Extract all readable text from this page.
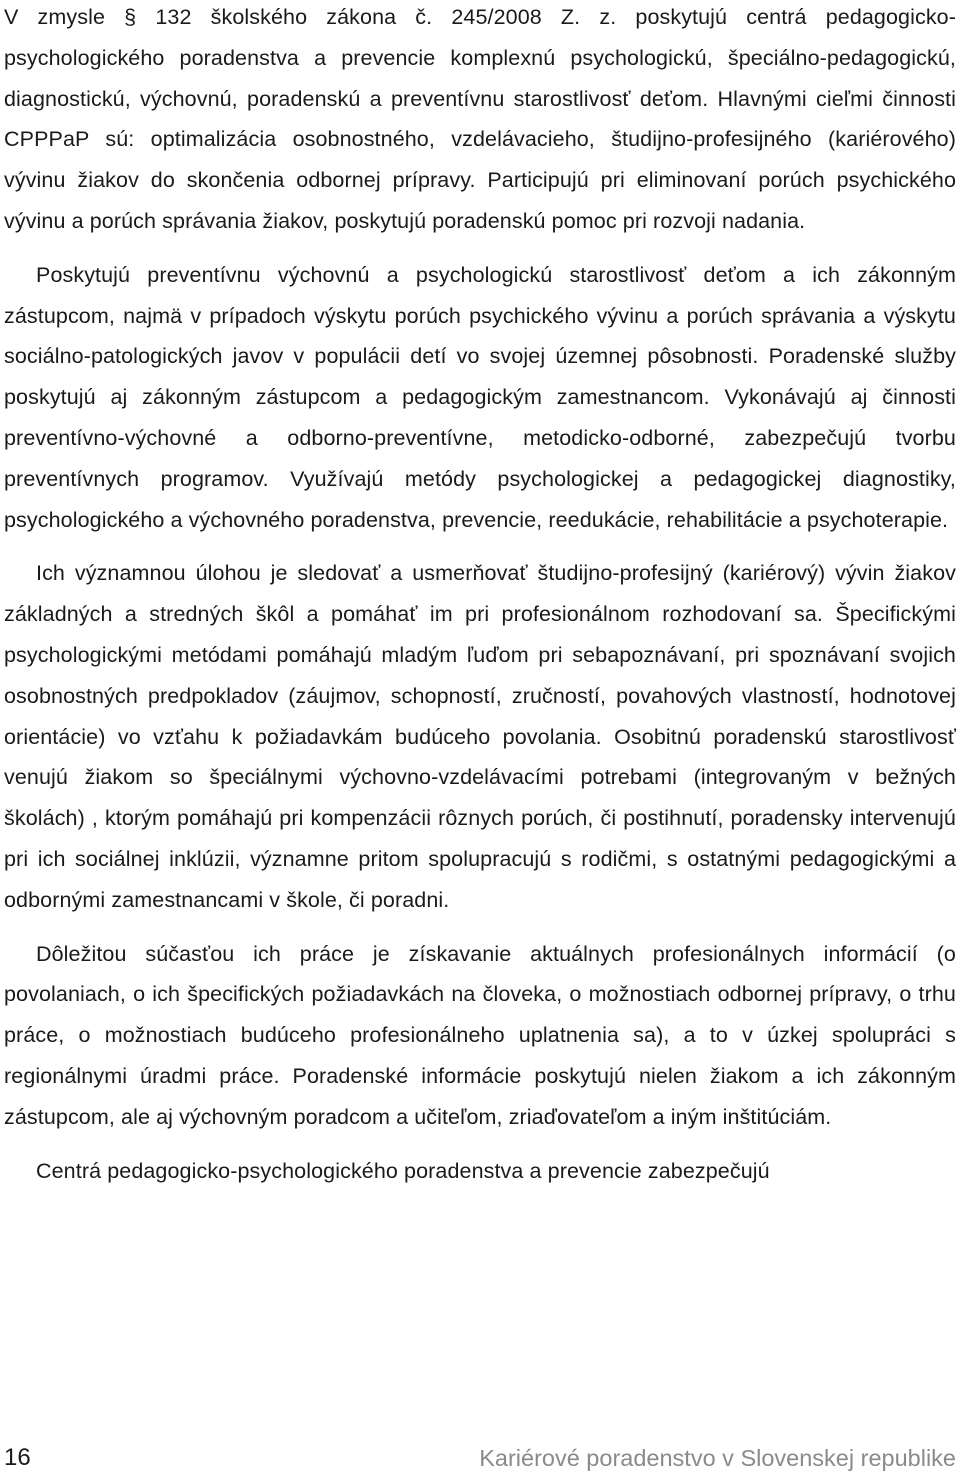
V zmysle § 132 školského zákona č. 245/2008 Z. z. poskytujú centrá pedagogicko-psychologického poradenstva a prevencie komplexnú psychologickú, špeciálno-pedagogickú, diagnostickú, výchovnú, poradenskú a preventívnu starostlivosť deťom. Hlavnými cieľmi činnosti CPPPaP sú: optimalizácia osobnostného, vzdelávacieho, študijno-profesijného (kariérového) vývinu žiakov do skončenia odbornej prípravy. Participujú pri eliminovaní porúch psychického vývinu a porúch správania žiakov, poskytujú poradenskú pomoc pri rozvoji nadania.

Poskytujú preventívnu výchovnú a psychologickú starostlivosť deťom a ich zákonným zástupcom, najmä v prípadoch výskytu porúch psychického vývinu a porúch správania a výskytu sociálno-patologických javov v populácii detí vo svojej územnej pôsobnosti. Poradenské služby poskytujú aj zákonným zástupcom a pedagogickým zamestnancom. Vykonávajú aj činnosti preventívno-výchovné a odborno-preventívne, metodicko-odborné, zabezpečujú tvorbu preventívnych programov. Využívajú metódy psychologickej a pedagogickej diagnostiky, psychologického a výchovného poradenstva, prevencie, reedukácie, rehabilitácie a psychoterapie.

Ich významnou úlohou je sledovať a usmerňovať študijno-profesijný (kariérový) vývin žiakov základných a stredných škôl a pomáhať im pri profesionálnom rozhodovaní sa. Špecifickými psychologickými metódami pomáhajú mladým ľuďom pri sebapoznávaní, pri spoznávaní svojich osobnostných predpokladov (záujmov, schopností, zručností, povahových vlastností, hodnotovej orientácie) vo vzťahu k požiadavkám budúceho povolania. Osobitnú poradenskú starostlivosť venujú žiakom so špeciálnymi výchovno-vzdelávacími potrebami (integrovaným v bežných školách) , ktorým pomáhajú pri kompenzácii rôznych porúch, či postihnutí, poradensky intervenujú pri ich sociálnej inklúzii, významne pritom spolupracujú s rodičmi, s ostatnými pedagogickými a odbornými zamestnancami v škole, či poradni.

Dôležitou súčasťou ich práce je získavanie aktuálnych profesionálnych informácií (o povolaniach, o ich špecifických požiadavkách na človeka, o možnostiach odbornej prípravy, o trhu práce, o možnostiach budúceho profesionálneho uplatnenia sa), a to v úzkej spolupráci s regionálnymi úradmi práce. Poradenské informácie poskytujú nielen žiakom a ich zákonným zástupcom, ale aj výchovným poradcom a učiteľom, zriaďovateľom a iným inštitúciám.

Centrá pedagogicko-psychologického poradenstva a prevencie zabezpečujú

16	Kariérové poradenstvo v Slovenskej republike
